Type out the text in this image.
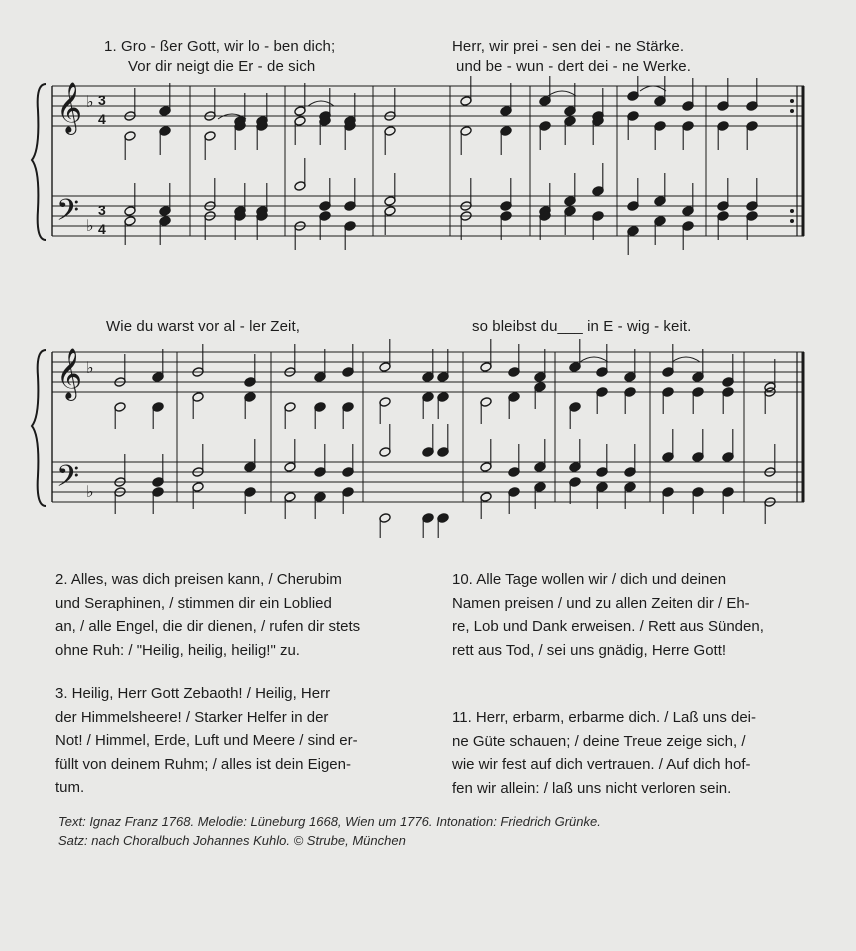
1. Gro - ßer Gott, wir lo - ben dich;	Herr, wir prei - sen dei - ne Stärke.
Vor dir neigt die Er - de sich	und be - wun - dert dei - ne Werke.
𝄞
𝄢
♭
♭
3
4
3
4
Wie du warst vor al - ler Zeit,	so bleibst du___ in E - wig - keit.
𝄞
𝄢
♭
♭
2. Alles, was dich preisen kann, / Cherubim
und Seraphinen, / stimmen dir ein Loblied
an, / alle Engel, die dir dienen, / rufen dir stets
ohne Ruh: / "Heilig, heilig, heilig!" zu.
3. Heilig, Herr Gott Zebaoth! / Heilig, Herr
der Himmelsheere! / Starker Helfer in der
Not! / Himmel, Erde, Luft und Meere / sind er-
füllt von deinem Ruhm; / alles ist dein Eigen-
tum.
10. Alle Tage wollen wir / dich und deinen
Namen preisen / und zu allen Zeiten dir / Eh-
re, Lob und Dank erweisen. / Rett aus Sünden,
rett aus Tod, / sei uns gnädig, Herre Gott!
11. Herr, erbarm, erbarme dich. / Laß uns dei-
ne Güte schauen; / deine Treue zeige sich, /
wie wir fest auf dich vertrauen. / Auf dich hof-
fen wir allein: / laß uns nicht verloren sein.
Text: Ignaz Franz 1768. Melodie: Lüneburg 1668, Wien um 1776. Intonation: Friedrich Grünke.
Satz: nach Choralbuch Johannes Kuhlo. © Strube, München
